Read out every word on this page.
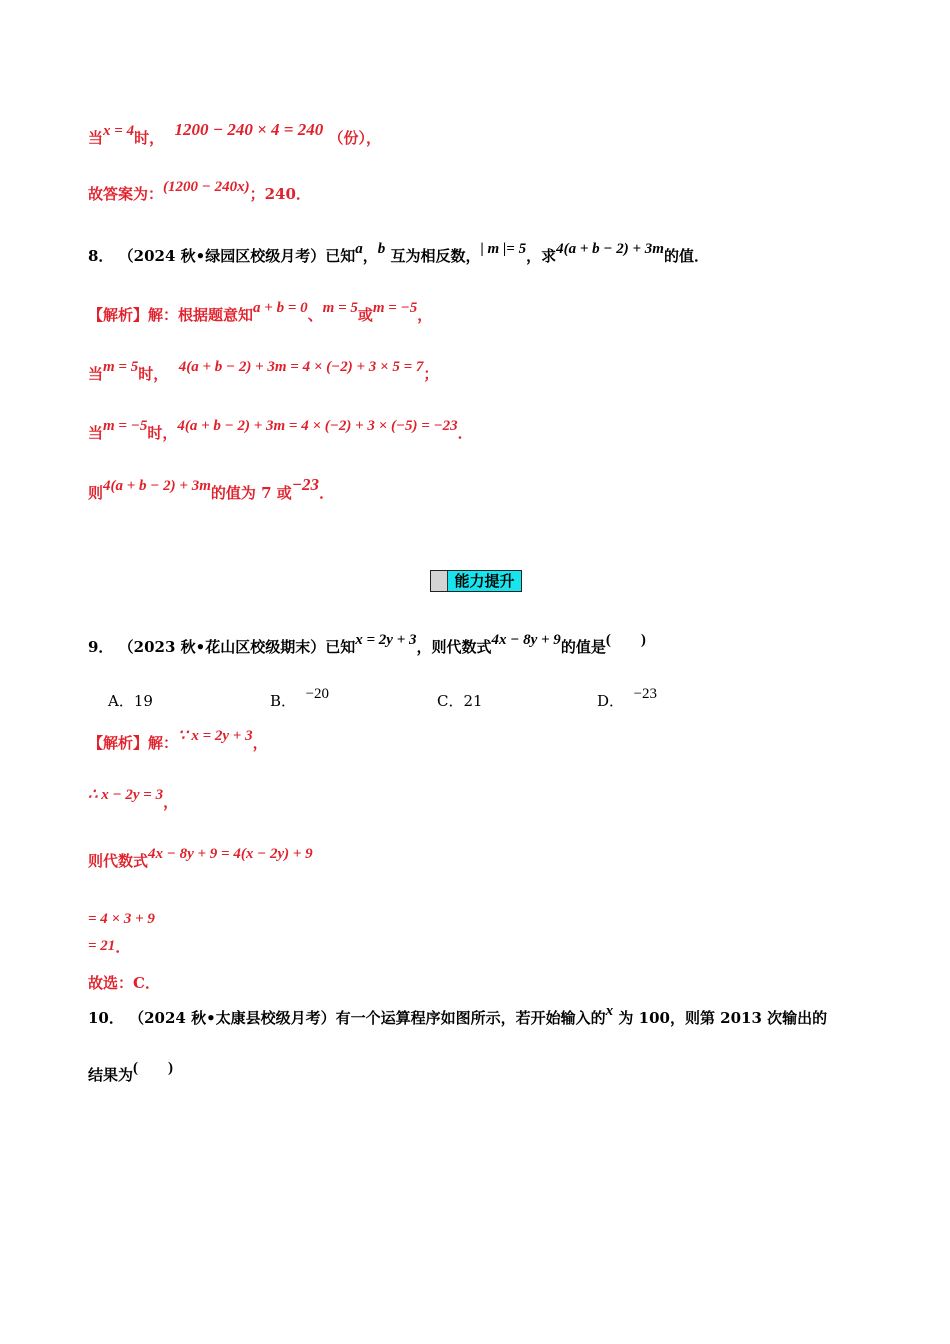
当x = 4时， 1200 − 240 × 4 = 240 （份），
故答案为：(1200 − 240x)；240．
8． （2024 秋•绿园区校级月考）已知a，b 互为相反数，| m |= 5，求4(a + b − 2) + 3m的值．
【解析】解：根据题意知a + b = 0、m = 5或m = −5，
当m = 5时， 4(a + b − 2) + 3m = 4 × (−2) + 3 × 5 = 7；
当m = −5时，4(a + b − 2) + 3m = 4 × (−2) + 3 × (−5) = −23．
则4(a + b − 2) + 3m的值为 7 或−23．
能力提升
9． （2023 秋•花山区校级期末）已知x = 2y + 3，则代数式4x − 8y + 9的值是(　　)
A．19	B． −20	C．21	D． −23
【解析】解：∵ x = 2y + 3，
∴ x − 2y = 3，
则代数式4x − 8y + 9 = 4(x − 2y) + 9
= 4 × 3 + 9
= 21．
故选：C．
10． （2024 秋•太康县校级月考）有一个运算程序如图所示，若开始输入的x 为 100，则第 2013 次输出的
结果为(　　)
